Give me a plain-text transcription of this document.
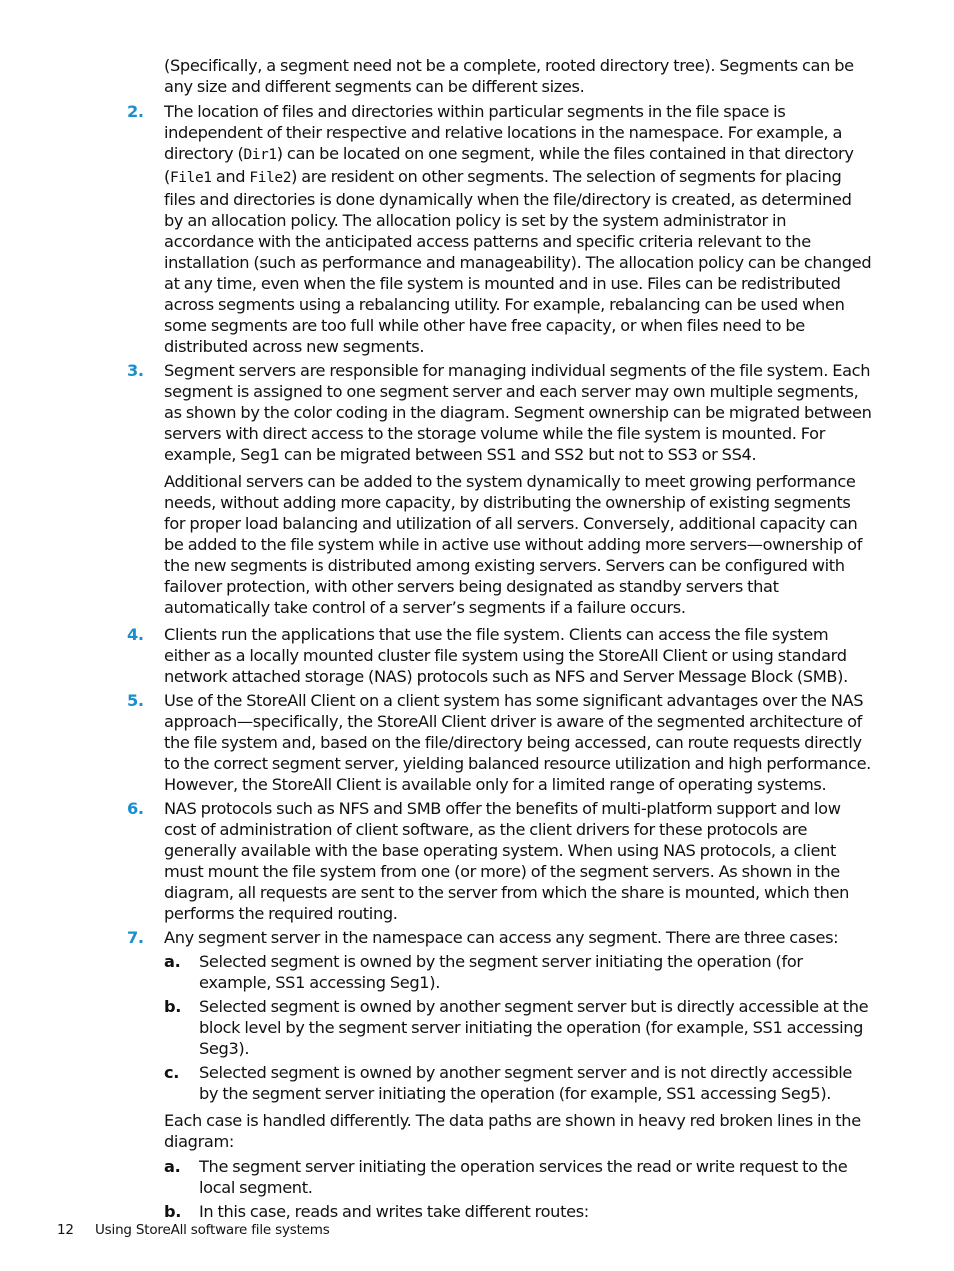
(Specifically, a segment need not be a complete, rooted directory tree). Segments can be any size and different segments can be different sizes.
2. The location of files and directories within particular segments in the file space is independent of their respective and relative locations in the namespace. For example, a directory (Dir1) can be located on one segment, while the files contained in that directory (File1 and File2) are resident on other segments. The selection of segments for placing files and directories is done dynamically when the file/directory is created, as determined by an allocation policy. The allocation policy is set by the system administrator in accordance with the anticipated access patterns and specific criteria relevant to the installation (such as performance and manageability). The allocation policy can be changed at any time, even when the file system is mounted and in use. Files can be redistributed across segments using a rebalancing utility. For example, rebalancing can be used when some segments are too full while other have free capacity, or when files need to be distributed across new segments.
3. Segment servers are responsible for managing individual segments of the file system. Each segment is assigned to one segment server and each server may own multiple segments, as shown by the color coding in the diagram. Segment ownership can be migrated between servers with direct access to the storage volume while the file system is mounted. For example, Seg1 can be migrated between SS1 and SS2 but not to SS3 or SS4.
Additional servers can be added to the system dynamically to meet growing performance needs, without adding more capacity, by distributing the ownership of existing segments for proper load balancing and utilization of all servers. Conversely, additional capacity can be added to the file system while in active use without adding more servers—ownership of the new segments is distributed among existing servers. Servers can be configured with failover protection, with other servers being designated as standby servers that automatically take control of a server’s segments if a failure occurs.
4. Clients run the applications that use the file system. Clients can access the file system either as a locally mounted cluster file system using the StoreAll Client or using standard network attached storage (NAS) protocols such as NFS and Server Message Block (SMB).
5. Use of the StoreAll Client on a client system has some significant advantages over the NAS approach—specifically, the StoreAll Client driver is aware of the segmented architecture of the file system and, based on the file/directory being accessed, can route requests directly to the correct segment server, yielding balanced resource utilization and high performance. However, the StoreAll Client is available only for a limited range of operating systems.
6. NAS protocols such as NFS and SMB offer the benefits of multi-platform support and low cost of administration of client software, as the client drivers for these protocols are generally available with the base operating system. When using NAS protocols, a client must mount the file system from one (or more) of the segment servers. As shown in the diagram, all requests are sent to the server from which the share is mounted, which then performs the required routing.
7. Any segment server in the namespace can access any segment. There are three cases:
a. Selected segment is owned by the segment server initiating the operation (for example, SS1 accessing Seg1).
b. Selected segment is owned by another segment server but is directly accessible at the block level by the segment server initiating the operation (for example, SS1 accessing Seg3).
c. Selected segment is owned by another segment server and is not directly accessible by the segment server initiating the operation (for example, SS1 accessing Seg5).
Each case is handled differently. The data paths are shown in heavy red broken lines in the diagram:
a. The segment server initiating the operation services the read or write request to the local segment.
b. In this case, reads and writes take different routes:
12 Using StoreAll software file systems
